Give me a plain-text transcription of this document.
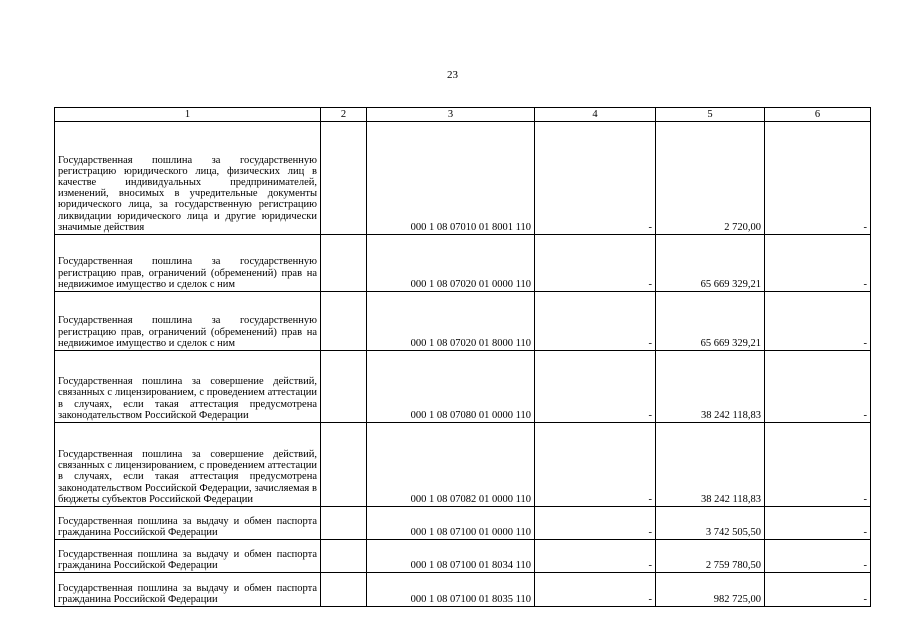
23
1	2	3	4	5	6
Государственная пошлина за государственную регистрацию юридического лица, физических лиц в качестве индивидуальных предпринимателей, изменений, вносимых в учредительные документы юридического лица, за государственную регистрацию ликвидации юридического лица и другие юридически значимые действия		000 1 08 07010 01 8001 110	-	2 720,00	-
Государственная пошлина за государственную регистрацию прав, ограничений (обременений) прав на недвижимое имущество и сделок с ним		000 1 08 07020 01 0000 110	-	65 669 329,21	-
Государственная пошлина за государственную регистрацию прав, ограничений (обременений) прав на недвижимое имущество и сделок с ним		000 1 08 07020 01 8000 110	-	65 669 329,21	-
Государственная пошлина за совершение действий, связанных с лицензированием, с проведением аттестации в случаях, если такая аттестация предусмотрена законодательством Российской Федерации		000 1 08 07080 01 0000 110	-	38 242 118,83	-
Государственная пошлина за совершение действий, связанных с лицензированием, с проведением аттестации в случаях, если такая аттестация предусмотрена законодательством Российской Федерации, зачисляемая в бюджеты субъектов Российской Федерации		000 1 08 07082 01 0000 110	-	38 242 118,83	-
Государственная пошлина за выдачу и обмен паспорта гражданина Российской Федерации		000 1 08 07100 01 0000 110	-	3 742 505,50	-
Государственная пошлина за выдачу и обмен паспорта гражданина Российской Федерации		000 1 08 07100 01 8034 110	-	2 759 780,50	-
Государственная пошлина за выдачу и обмен паспорта гражданина Российской Федерации		000 1 08 07100 01 8035 110	-	982 725,00	-
